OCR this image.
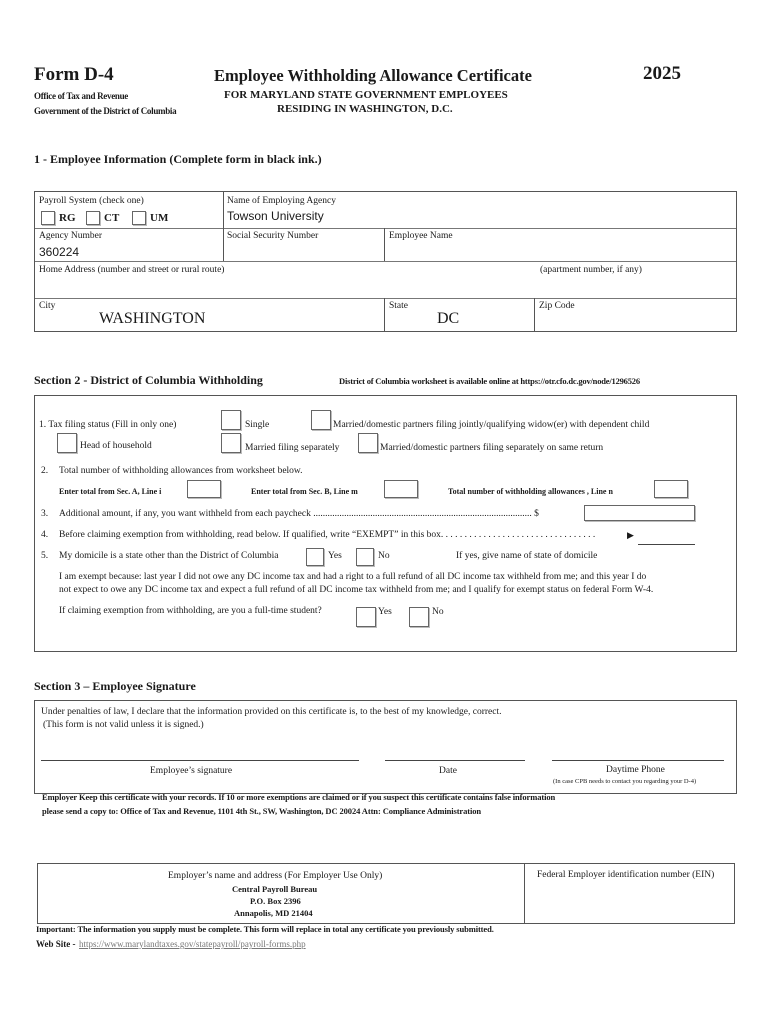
Form D-4
Office of Tax and Revenue
Government of the District of Columbia
Employee Withholding Allowance Certificate
FOR MARYLAND STATE GOVERNMENT EMPLOYEES
RESIDING IN WASHINGTON, D.C.
2025
1 - Employee Information (Complete form in black ink.)
Payroll System (check one)
RG	CT	UM
Name of Employing Agency
Towson University
Agency Number
360224
Social Security Number	Employee Name
Home Address (number and street or rural route)	(apartment number, if any)
City
WASHINGTON
State
DC
Zip Code
Section 2 - District of Columbia Withholding	District of Columbia worksheet is available online at https://otr.cfo.dc.gov/node/1296526
1. Tax filing status (Fill in only one)	Single	Married/domestic partners filing jointly/qualifying widow(er) with dependent child
Head of household	Married filing separately	Married/domestic partners filing separately on same return
2. Total number of withholding allowances from worksheet below.
Enter total from Sec. A, Line i	Enter total from Sec. B, Line m	Total number of withholding allowances , Line n
3. Additional amount, if any, you want withheld from each paycheck ............................................................................................ $
4. Before claiming exemption from withholding, read below. If qualified, write “EXEMPT” in this box. . . . . . . . . . . . . . . . . . . . . . . . . . . . . . . . .	▶
5. My domicile is a state other than the District of Columbia	Yes	No	If yes, give name of state of domicile
I am exempt because: last year I did not owe any DC income tax and had a right to a full refund of all DC income tax withheld from me; and this year I do
not expect to owe any DC income tax and expect a full refund of all DC income tax withheld from me; and I qualify for exempt status on federal Form W-4.
If claiming exemption from withholding, are you a full-time student?	Yes	No
Section 3 – Employee Signature
Under penalties of law, I declare that the information provided on this certificate is, to the best of my knowledge, correct.
(This form is not valid unless it is signed.)
Employee’s signature	Date	Daytime Phone
(In case CPB needs to contact you regarding your D-4)
Employer Keep this certificate with your records. If 10 or more exemptions are claimed or if you suspect this certificate contains false information
please send a copy to: Office of Tax and Revenue, 1101 4th St., SW, Washington, DC 20024 Attn: Compliance Administration
Employer’s name and address (For Employer Use Only)
Central Payroll Bureau
P.O. Box 2396
Annapolis, MD 21404
Federal Employer identification number (EIN)
Important: The information you supply must be complete. This form will replace in total any certificate you previously submitted.
Web Site - https://www.marylandtaxes.gov/statepayroll/payroll-forms.php
